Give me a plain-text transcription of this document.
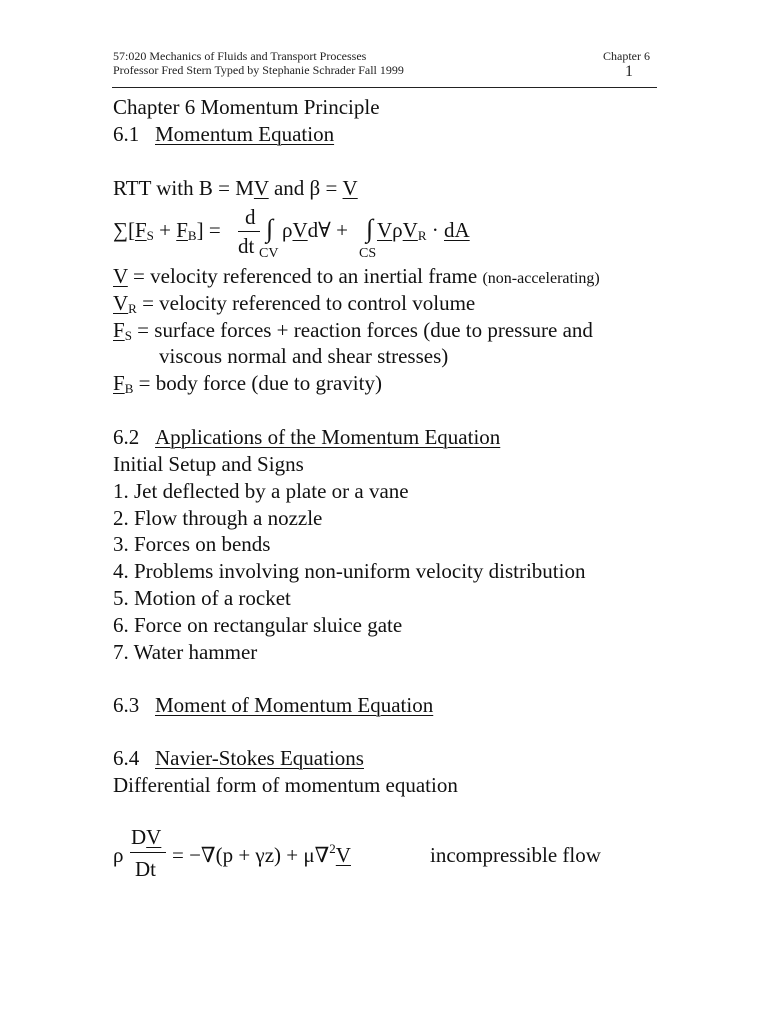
57:020 Mechanics of Fluids and Transport Processes
Professor Fred Stern Typed by Stephanie Schrader Fall 1999
Chapter 6
1
Chapter 6 Momentum Principle
6.1 Momentum Equation
RTT with B = MV and β = V
∑[FS + FB] =
d
dt
∫
CV
ρVd∀ + ∫
CS
VρVR · dA
V = velocity referenced to an inertial frame (non-accelerating)
VR = velocity referenced to control volume
FS = surface forces + reaction forces (due to pressure and
viscous normal and shear stresses)
FB = body force (due to gravity)
6.2 Applications of the Momentum Equation
Initial Setup and Signs
1. Jet deflected by a plate or a vane
2. Flow through a nozzle
3. Forces on bends
4. Problems involving non-uniform velocity distribution
5. Motion of a rocket
6. Force on rectangular sluice gate
7. Water hammer
6.3 Moment of Momentum Equation
6.4 Navier-Stokes Equations
Differential form of momentum equation
ρ
DV
Dt
= −∇(p + γz) + μ∇$^2$V	incompressible flow
